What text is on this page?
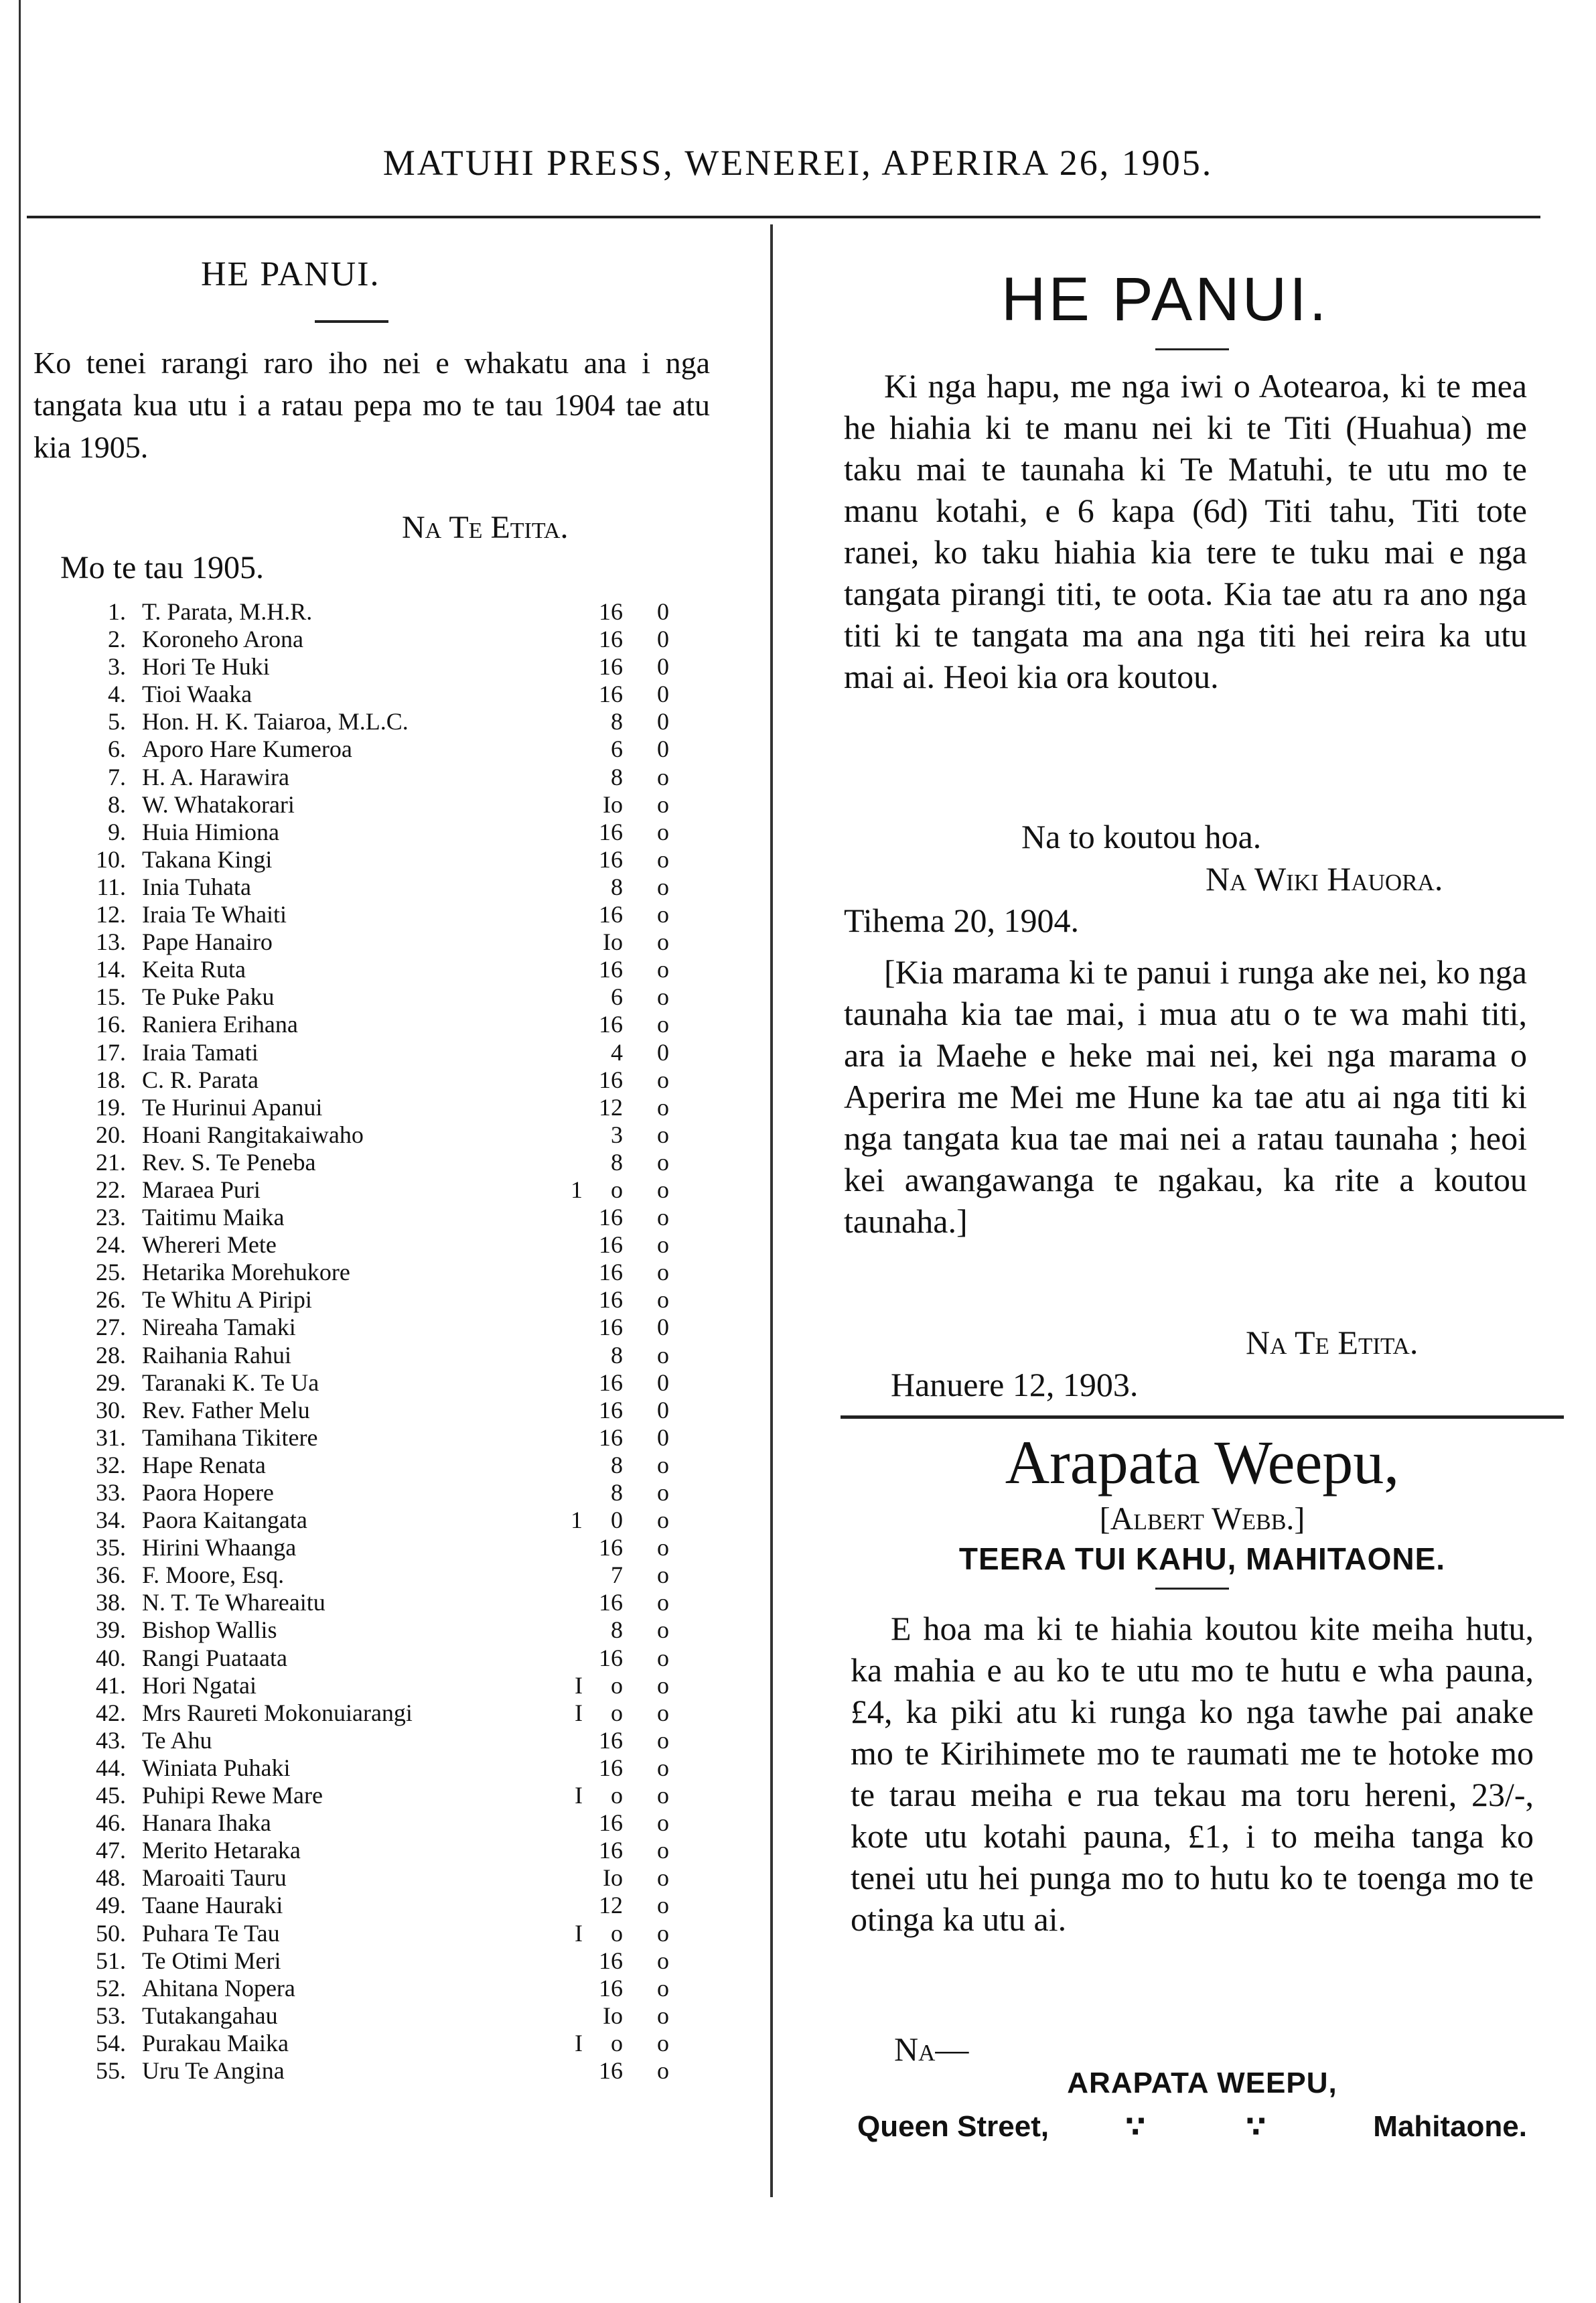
MATUHI PRESS, WENEREI, APERIRA 26, 1905.
HE PANUI.
Ko tenei rarangi raro iho nei e whakatu ana i nga tangata kua utu i a ratau pepa mo te tau 1904 tae atu kia 1905.
Na Te Etita.
Mo te tau 1905.
1. T. Parata, M.H.R.	16	0
2. Koroneho Arona	16	0
3. Hori Te Huki	16	0
4. Tioi Waaka	16	0
5. Hon. H. K. Taiaroa, M.L.C.	8	0
6. Aporo Hare Kumeroa	6	0
7. H. A. Harawira	8	o
8. W. Whatakorari	Io	o
9. Huia Himiona	16	o
10. Takana Kingi	16	o
11. Inia Tuhata	8	o
12. Iraia Te Whaiti	16	o
13. Pape Hanairo	Io	o
14. Keita Ruta	16	o
15. Te Puke Paku	6	o
16. Raniera Erihana	16	o
17. Iraia Tamati	4	0
18. C. R. Parata	16	o
19. Te Hurinui Apanui	12	o
20. Hoani Rangitakaiwaho	3	o
21. Rev. S. Te Peneba	8	o
22. Maraea Puri	1	o	o
23. Taitimu Maika	16	o
24. Whereri Mete	16	o
25. Hetarika Morehukore	16	o
26. Te Whitu A Piripi	16	o
27. Nireaha Tamaki	16	0
28. Raihania Rahui	8	o
29. Taranaki K. Te Ua	16	0
30. Rev. Father Melu	16	0
31. Tamihana Tikitere	16	0
32. Hape Renata	8	o
33. Paora Hopere	8	o
34. Paora Kaitangata	1	0	o
35. Hirini Whaanga	16	o
36. F. Moore, Esq.	7	o
38. N. T. Te Whareaitu	16	o
39. Bishop Wallis	8	o
40. Rangi Puataata	16	o
41. Hori Ngatai	I	o	o
42. Mrs Raureti Mokonuiarangi	I	o	o
43. Te Ahu	16	o
44. Winiata Puhaki	16	o
45. Puhipi Rewe Mare	I	o	o
46. Hanara Ihaka	16	o
47. Merito Hetaraka	16	o
48. Maroaiti Tauru	Io	o
49. Taane Hauraki	12	o
50. Puhara Te Tau	I	o	o
51. Te Otimi Meri	16	o
52. Ahitana Nopera	16	o
53. Tutakangahau	Io	o
54. Purakau Maika	I	o	o
55. Uru Te Angina	16	o
HE PANUI.
Ki nga hapu, me nga iwi o Aotearoa, ki te mea he hiahia ki te manu nei ki te Titi (Huahua) me taku mai te taunaha ki Te Matuhi, te utu mo te manu kotahi, e 6 kapa (6d) Titi tahu, Titi tote ranei, ko taku hiahia kia tere te tuku mai e nga tangata pirangi titi, te oota. Kia tae atu ra ano nga titi ki te tangata ma ana nga titi hei reira ka utu mai ai. Heoi kia ora koutou.
Na to koutou hoa.
Na Wiki Hauora.
Tihema 20, 1904.
[Kia marama ki te panui i runga ake nei, ko nga taunaha kia tae mai, i mua atu o te wa mahi titi, ara ia Maehe e heke mai nei, kei nga marama o Aperira me Mei me Hune ka tae atu ai nga titi ki nga tangata kua tae mai nei a ratau taunaha ; heoi kei awangawanga te ngakau, ka rite a koutou taunaha.]
Na Te Etita.
Hanuere 12, 1903.
Arapata Weepu,
[Albert Webb.]
TEERA TUI KAHU, MAHITAONE.
E hoa ma ki te hiahia koutou kite meiha hutu, ka mahia e au ko te utu mo te hutu e wha pauna, £4, ka piki atu ki runga ko nga tawhe pai anake mo te Kirihimete mo te raumati me te hotoke mo te tarau meiha e rua tekau ma toru hereni, 23/-, kote utu kotahi pauna, £1, i to meiha tanga ko tenei utu hei punga mo to hutu ko te toenga mo te otinga ka utu ai.
Na—
ARAPATA WEEPU,
Queen Street,	∵	∵	Mahitaone.
